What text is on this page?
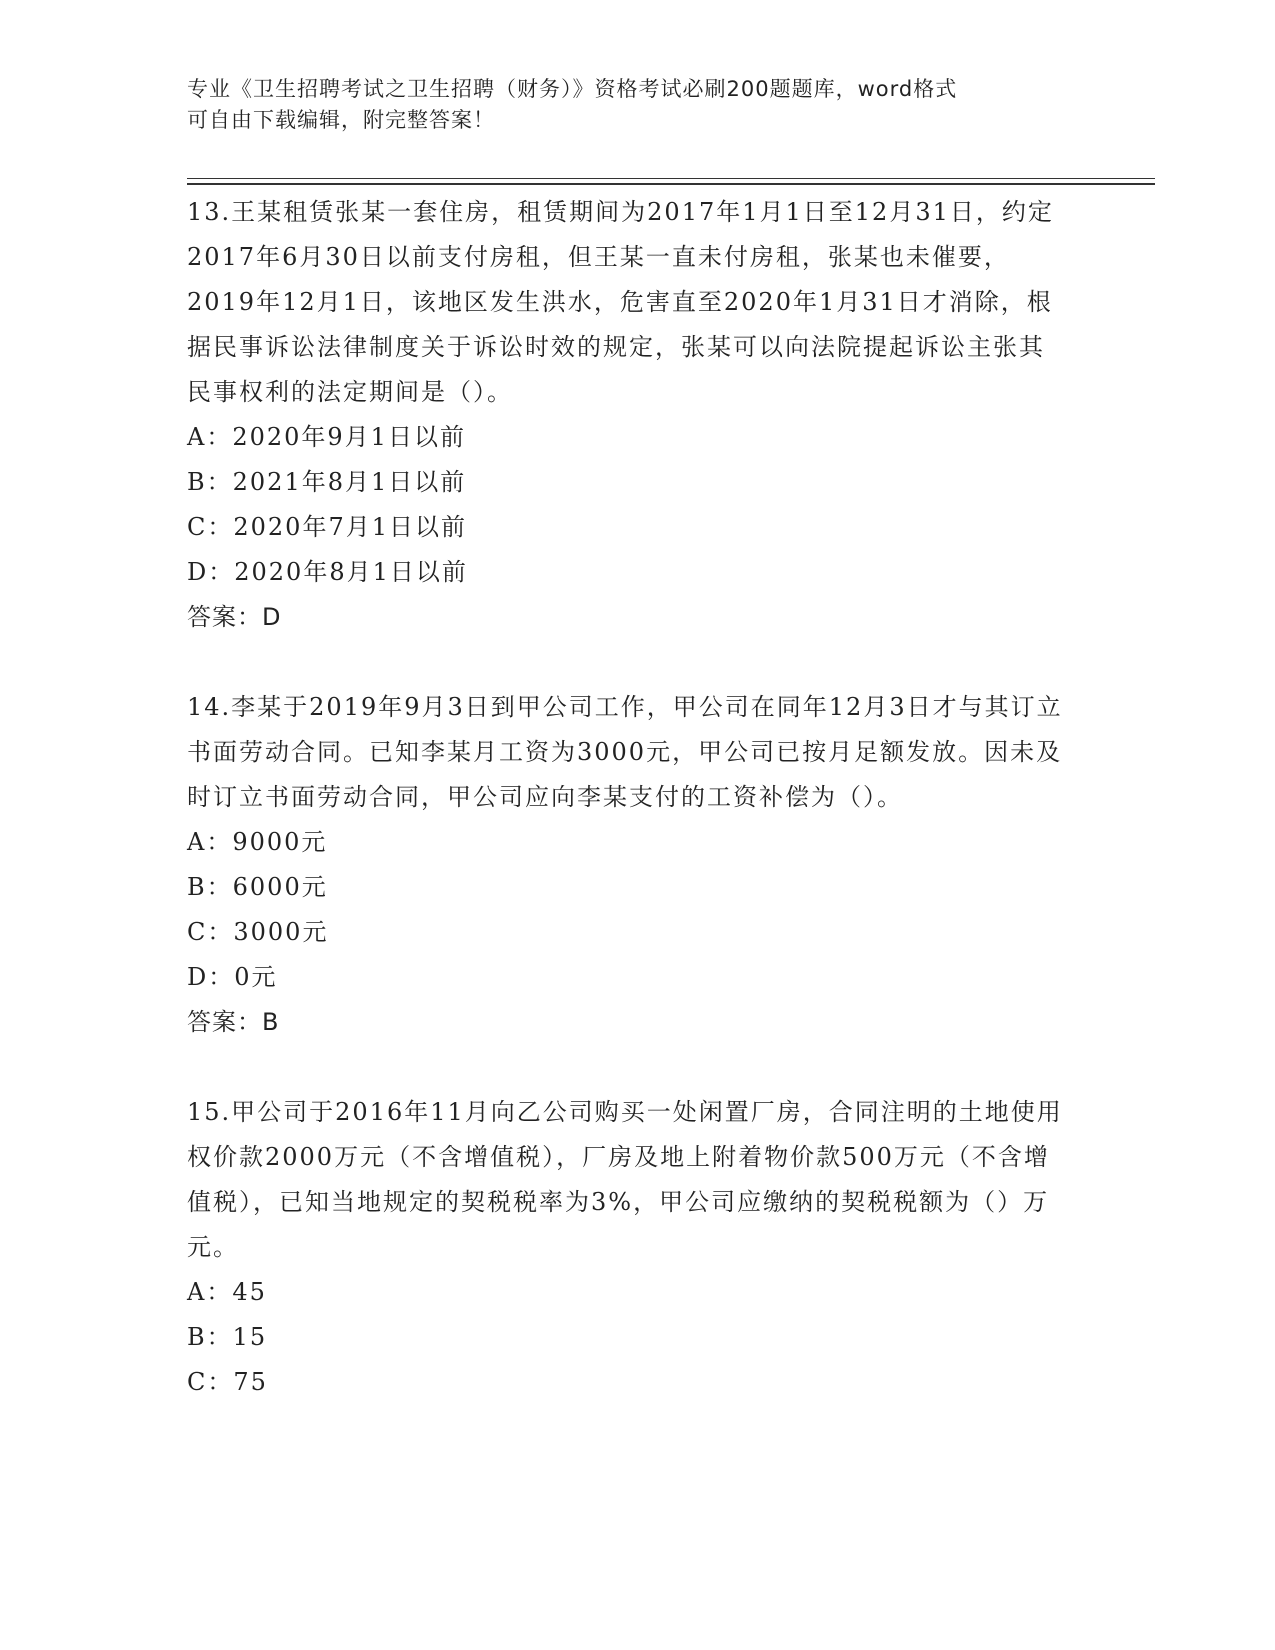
专业《卫生招聘考试之卫生招聘（财务）》资格考试必刷200题题库，word格式
可自由下载编辑，附完整答案！

13.王某租赁张某一套住房，租赁期间为2017年1月1日至12月31日，约定2017年6月30日以前支付房租，但王某一直未付房租，张某也未催要，2019年12月1日，该地区发生洪水，危害直至2020年1月31日才消除，根据民事诉讼法律制度关于诉讼时效的规定，张某可以向法院提起诉讼主张其民事权利的法定期间是（）。

A：2020年9月1日以前

B：2021年8月1日以前

C：2020年7月1日以前

D：2020年8月1日以前

答案：D

14.李某于2019年9月3日到甲公司工作，甲公司在同年12月3日才与其订立书面劳动合同。已知李某月工资为3000元，甲公司已按月足额发放。因未及时订立书面劳动合同，甲公司应向李某支付的工资补偿为（）。

A：9000元

B：6000元

C：3000元

D：0元

答案：B

15.甲公司于2016年11月向乙公司购买一处闲置厂房，合同注明的土地使用权价款2000万元（不含增值税），厂房及地上附着物价款500万元（不含增值税），已知当地规定的契税税率为3%，甲公司应缴纳的契税税额为（）万元。

A：45

B：15

C：75
